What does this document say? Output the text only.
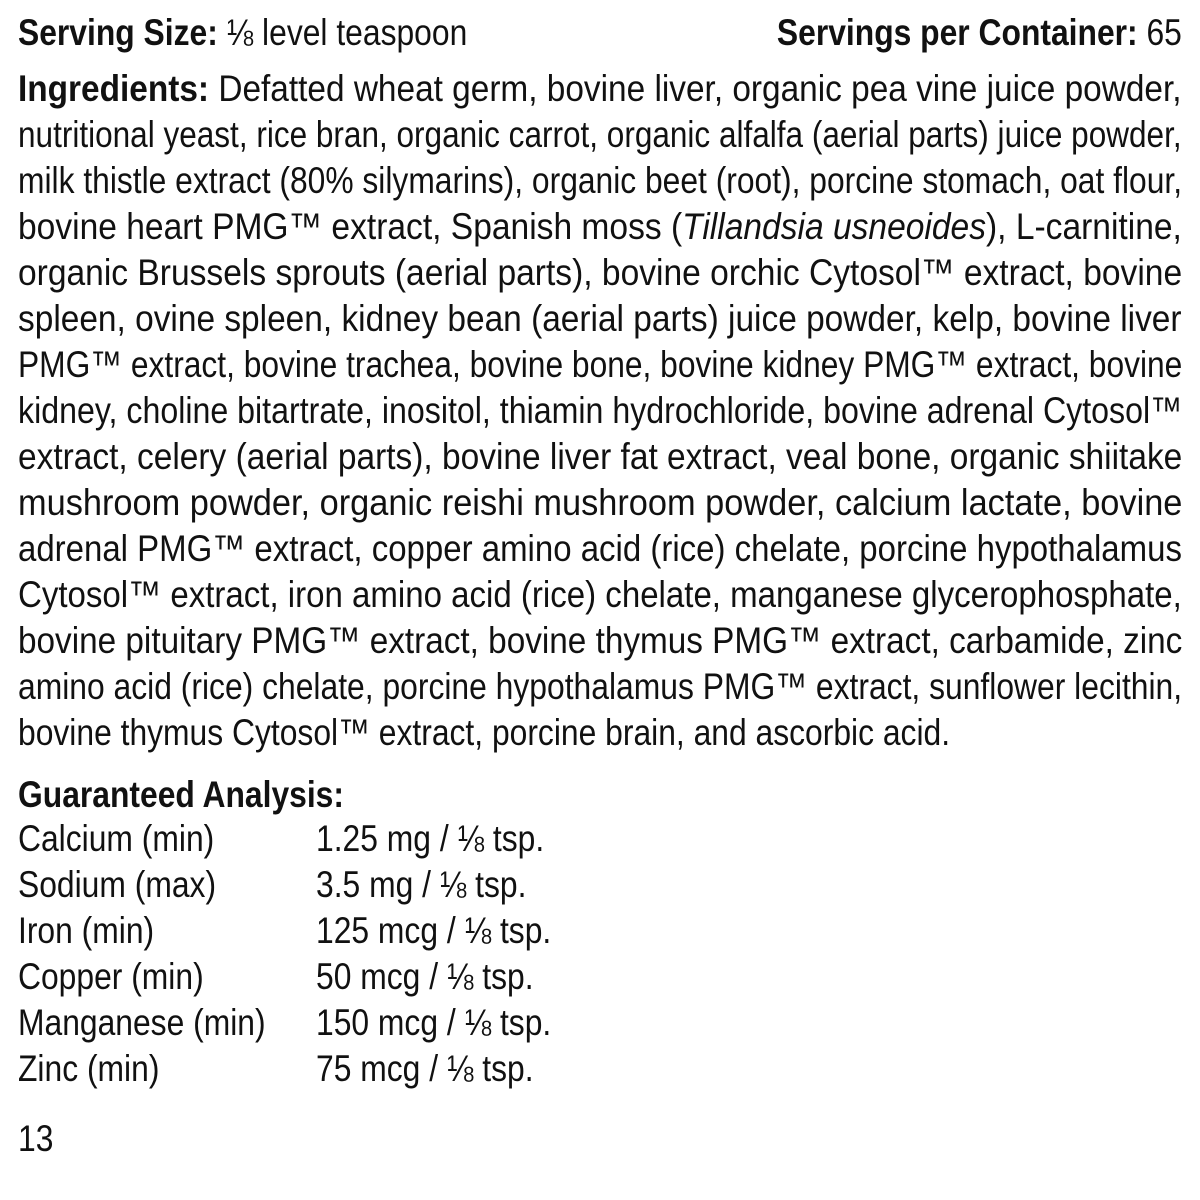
Serving Size: ⅛ level teaspoon	Servings per Container: 65
Ingredients: Defatted wheat germ, bovine liver, organic pea vine juice powder,
nutritional yeast, rice bran, organic carrot, organic alfalfa (aerial parts) juice powder,
milk thistle extract (80% silymarins), organic beet (root), porcine stomach, oat flour,
bovine heart PMG™ extract, Spanish moss (Tillandsia usneoides), L-carnitine,
organic Brussels sprouts (aerial parts), bovine orchic Cytosol™ extract, bovine
spleen, ovine spleen, kidney bean (aerial parts) juice powder, kelp, bovine liver
PMG™ extract, bovine trachea, bovine bone, bovine kidney PMG™ extract, bovine
kidney, choline bitartrate, inositol, thiamin hydrochloride, bovine adrenal Cytosol™
extract, celery (aerial parts), bovine liver fat extract, veal bone, organic shiitake
mushroom powder, organic reishi mushroom powder, calcium lactate, bovine
adrenal PMG™ extract, copper amino acid (rice) chelate, porcine hypothalamus
Cytosol™ extract, iron amino acid (rice) chelate, manganese glycerophosphate,
bovine pituitary PMG™ extract, bovine thymus PMG™ extract, carbamide, zinc
amino acid (rice) chelate, porcine hypothalamus PMG™ extract, sunflower lecithin,
bovine thymus Cytosol™ extract, porcine brain, and ascorbic acid.
Guaranteed Analysis:
Calcium (min)	1.25 mg / ⅛ tsp.
Sodium (max)	3.5 mg / ⅛ tsp.
Iron (min)	125 mcg / ⅛ tsp.
Copper (min)	50 mcg / ⅛ tsp.
Manganese (min) 150 mcg / ⅛ tsp.
Zinc (min)	75 mcg / ⅛ tsp.
13
